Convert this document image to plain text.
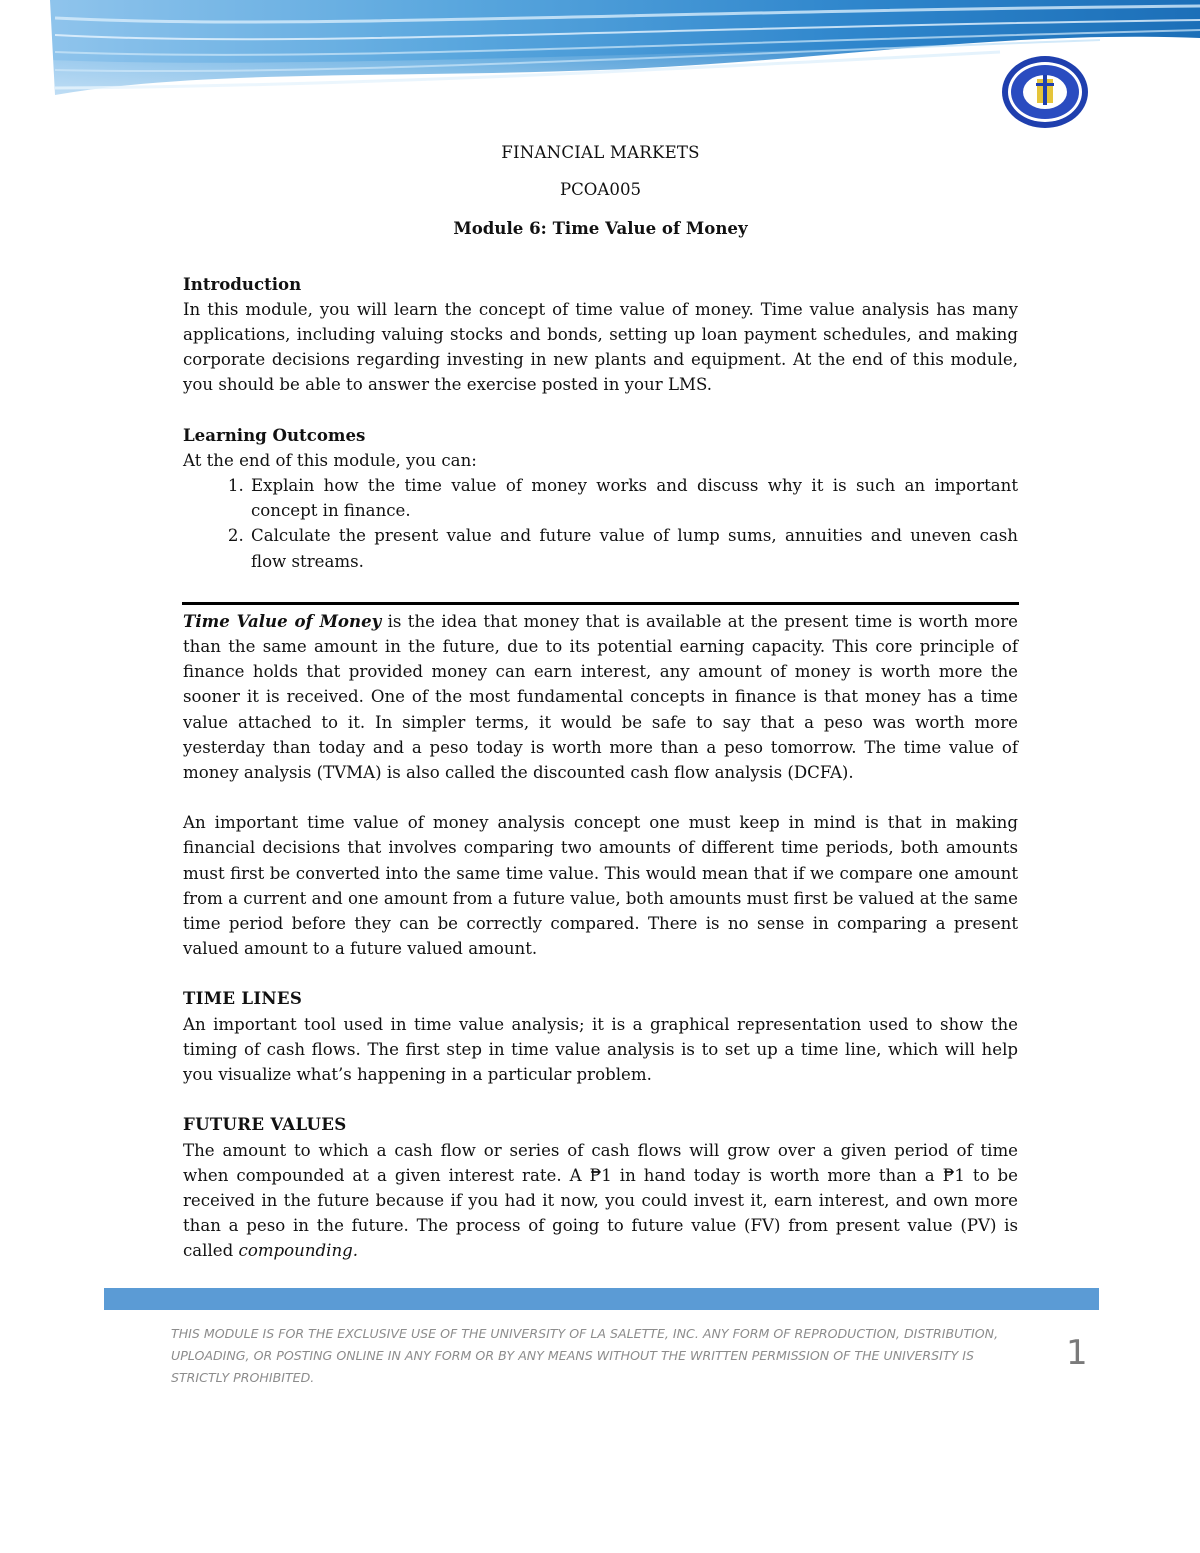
FINANCIAL MARKETS
PCOA005
Module 6: Time Value of Money
Introduction

In this module, you will learn the concept of time value of money. Time value analysis has many applications, including valuing stocks and bonds, setting up loan payment schedules, and making corporate decisions regarding investing in new plants and equipment. At the end of this module, you should be able to answer the exercise posted in your LMS.

Learning Outcomes
At the end of this module, you can:
1. Explain how the time value of money works and discuss why it is such an important concept in finance.
2. Calculate the present value and future value of lump sums, annuities and uneven cash flow streams.

Time Value of Money is the idea that money that is available at the present time is worth more than the same amount in the future, due to its potential earning capacity. This core principle of finance holds that provided money can earn interest, any amount of money is worth more the sooner it is received. One of the most fundamental concepts in finance is that money has a time value attached to it. In simpler terms, it would be safe to say that a peso was worth more yesterday than today and a peso today is worth more than a peso tomorrow. The time value of money analysis (TVMA) is also called the discounted cash flow analysis (DCFA).

An important time value of money analysis concept one must keep in mind is that in making financial decisions that involves comparing two amounts of different time periods, both amounts must first be converted into the same time value. This would mean that if we compare one amount from a current and one amount from a future value, both amounts must first be valued at the same time period before they can be correctly compared. There is no sense in comparing a present valued amount to a future valued amount.

TIME LINES

An important tool used in time value analysis; it is a graphical representation used to show the timing of cash flows. The first step in time value analysis is to set up a time line, which will help you visualize what’s happening in a particular problem.

FUTURE VALUES

The amount to which a cash flow or series of cash flows will grow over a given period of time when compounded at a given interest rate. A ₱1 in hand today is worth more than a ₱1 to be received in the future because if you had it now, you could invest it, earn interest, and own more than a peso in the future. The process of going to future value (FV) from present value (PV) is called compounding.

THIS MODULE IS FOR THE EXCLUSIVE USE OF THE UNIVERSITY OF LA SALETTE, INC. ANY FORM OF REPRODUCTION, DISTRIBUTION, UPLOADING, OR POSTING ONLINE IN ANY FORM OR BY ANY MEANS WITHOUT THE WRITTEN PERMISSION OF THE UNIVERSITY IS STRICTLY PROHIBITED.
1
